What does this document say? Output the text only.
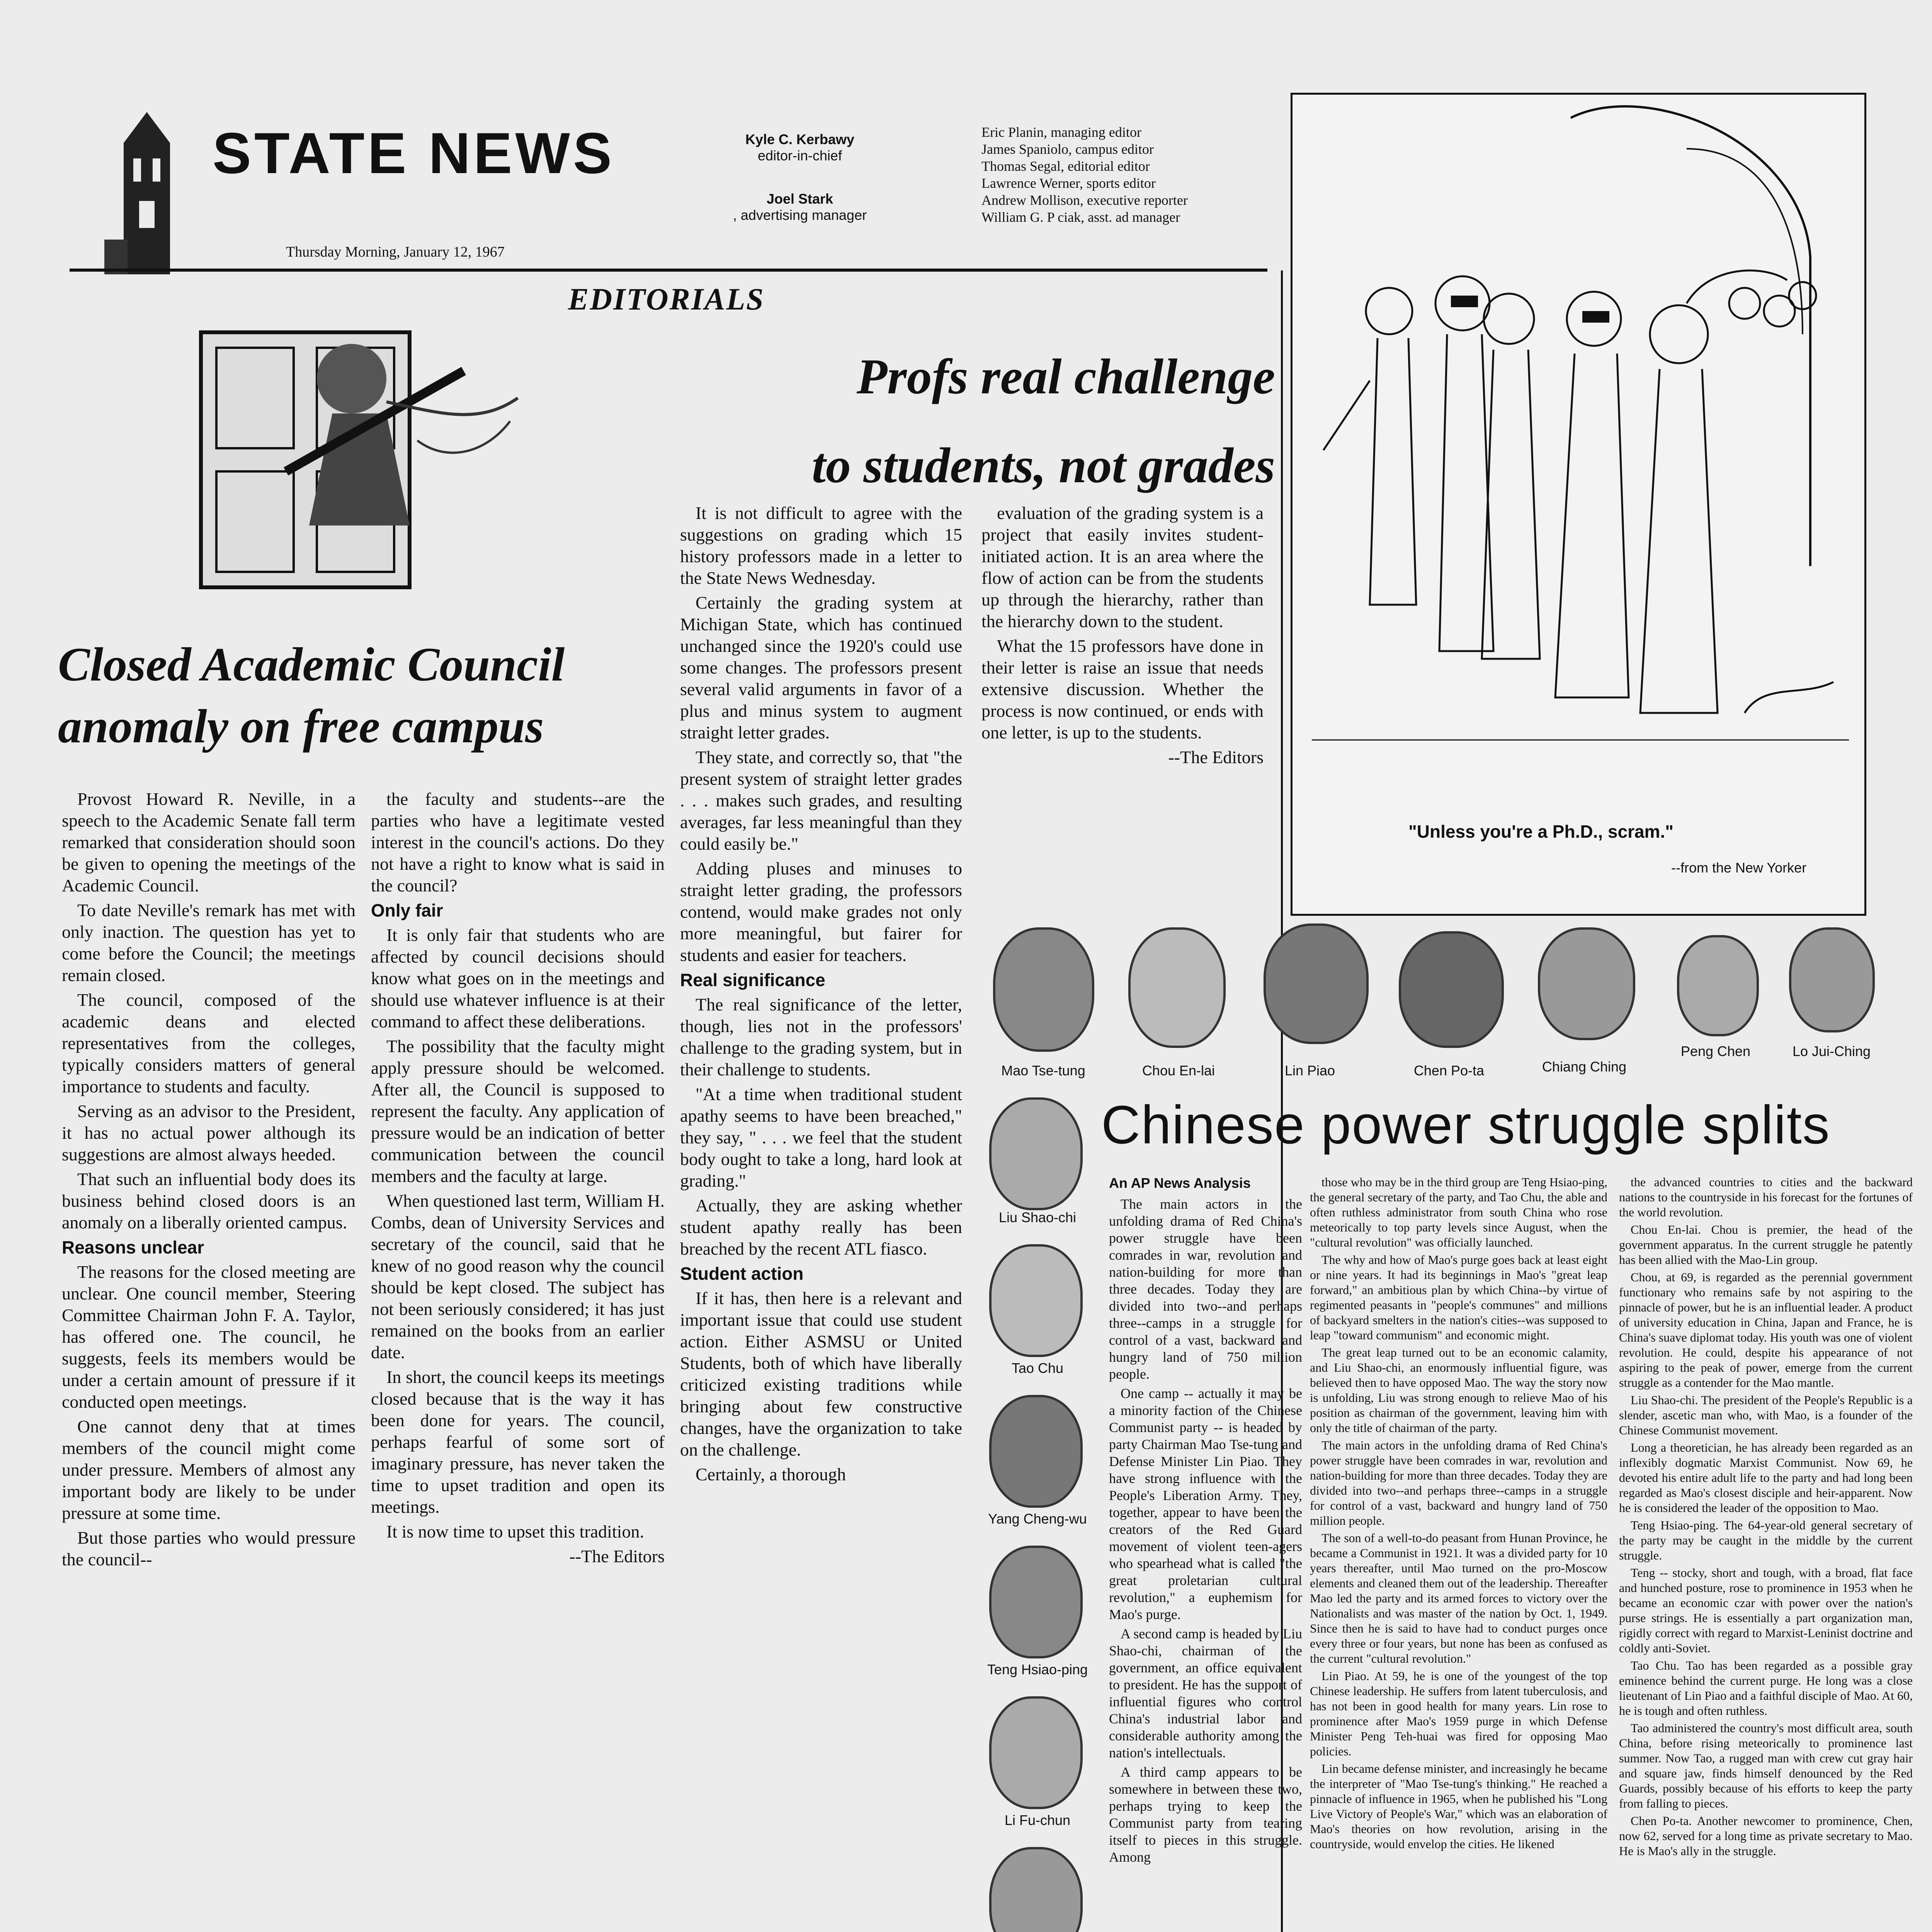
STATE NEWS
Thursday Morning, January 12, 1967
Kyle C. Kerbawy
editor-in-chief
Joel Stark
, advertising manager
Eric Planin, managing editor
James Spaniolo, campus editor
Thomas Segal, editorial editor
Lawrence Werner, sports editor
Andrew Mollison, executive reporter
William G. P ciak, asst. ad manager
EDITORIALS
Closed Academic Council
anomaly on free campus

Provost Howard R. Neville, in a speech to the Academic Senate fall term remarked that consideration should soon be given to opening the meetings of the Academic Council.

To date Neville's remark has met with only inaction. The question has yet to come before the Council; the meetings remain closed.

The council, composed of the academic deans and elected representatives from the colleges, typically considers matters of general importance to students and faculty.

Serving as an advisor to the President, it has no actual power although its suggestions are almost always heeded.

That such an influential body does its business behind closed doors is an anomaly on a liberally oriented campus.

Reasons unclear

The reasons for the closed meeting are unclear. One council member, Steering Committee Chairman John F. A. Taylor, has offered one. The council, he suggests, feels its members would be under a certain amount of pressure if it conducted open meetings.

One cannot deny that at times members of the council might come under pressure. Members of almost any important body are likely to be under pressure at some time.

But those parties who would pressure the council--

the faculty and students--are the parties who have a legitimate vested interest in the council's actions. Do they not have a right to know what is said in the council?

Only fair

It is only fair that students who are affected by council decisions should know what goes on in the meetings and should use whatever influence is at their command to affect these deliberations.

The possibility that the faculty might apply pressure should be welcomed. After all, the Council is supposed to represent the faculty. Any application of pressure would be an indication of better communication between the council members and the faculty at large.

When questioned last term, William H. Combs, dean of University Services and secretary of the council, said that he knew of no good reason why the council should be kept closed. The subject has not been seriously considered; it has just remained on the books from an earlier date.

In short, the council keeps its meetings closed because that is the way it has been done for years. The council, perhaps fearful of some sort of imaginary pressure, has never taken the time to upset tradition and open its meetings.

It is now time to upset this tradition.

--The Editors
Profs real challenge
to students, not grades

It is not difficult to agree with the suggestions on grading which 15 history professors made in a letter to the State News Wednesday.

Certainly the grading system at Michigan State, which has continued unchanged since the 1920's could use some changes. The professors present several valid arguments in favor of a plus and minus system to augment straight letter grades.

They state, and correctly so, that "the present system of straight letter grades . . . makes such grades, and resulting averages, far less meaningful than they could easily be."

Adding pluses and minuses to straight letter grading, the professors contend, would make grades not only more meaningful, but fairer for students and easier for teachers.

Real significance

The real significance of the letter, though, lies not in the professors' challenge to the grading system, but in their challenge to students.

"At a time when traditional student apathy seems to have been breached," they say, " . . . we feel that the student body ought to take a long, hard look at grading."

Actually, they are asking whether student apathy really has been breached by the recent ATL fiasco.

Student action

If it has, then here is a relevant and important issue that could use student action. Either ASMSU or United Students, both of which have liberally criticized existing traditions while bringing about few constructive changes, have the organization to take on the challenge.

Certainly, a thorough

evaluation of the grading system is a project that easily invites student-initiated action. It is an area where the flow of action can be from the students up through the hierarchy, rather than the hierarchy down to the student.

What the 15 professors have done in their letter is raise an issue that needs extensive discussion. Whether the process is now continued, or ends with one letter, is up to the students.

--The Editors
"Unless you're a Ph.D., scram."
--from the New Yorker
Mao Tse-tung	Chou En-lai	Lin Piao	Chen Po-ta	Chiang Ching
Peng Chen	Lo Jui-Ching
Chinese power struggle splits
Liu Shao-chi
Tao Chu
Yang Cheng-wu
Teng Hsiao-ping
Li Fu-chun
An AP News Analysis

The main actors in the unfolding drama of Red China's power struggle have been comrades in war, revolution and nation-building for more than three decades. Today they are divided into two--and perhaps three--camps in a struggle for control of a vast, backward and hungry land of 750 million people.

One camp -- actually it may be a minority faction of the Chinese Communist party -- is headed by party Chairman Mao Tse-tung and Defense Minister Lin Piao. They have strong influence with the People's Liberation Army. They, together, appear to have been the creators of the Red Guard movement of violent teen-agers who spearhead what is called "the great proletarian cultural revolution," a euphemism for Mao's purge.

A second camp is headed by Liu Shao-chi, chairman of the government, an office equivalent to president. He has the support of influential figures who control China's industrial labor and considerable authority among the nation's intellectuals.

A third camp appears to be somewhere in between these two, perhaps trying to keep the Communist party from tearing itself to pieces in this struggle. Among

those who may be in the third group are Teng Hsiao-ping, the general secretary of the party, and Tao Chu, the able and often ruthless administrator from south China who rose meteorically to top party levels since August, when the "cultural revolution" was officially launched.

The why and how of Mao's purge goes back at least eight or nine years. It had its beginnings in Mao's "great leap forward," an ambitious plan by which China--by virtue of regimented peasants in "people's communes" and millions of backyard smelters in the nation's cities--was supposed to leap "toward communism" and economic might.

The great leap turned out to be an economic calamity, and Liu Shao-chi, an enormously influential figure, was believed then to have opposed Mao. The way the story now is unfolding, Liu was strong enough to relieve Mao of his position as chairman of the government, leaving him with only the title of chairman of the party.

The main actors in the unfolding drama of Red China's power struggle have been comrades in war, revolution and nation-building for more than three decades. Today they are divided into two--and perhaps three--camps in a struggle for control of a vast, backward and hungry land of 750 million people.

The son of a well-to-do peasant from Hunan Province, he became a Communist in 1921. It was a divided party for 10 years thereafter, until Mao turned on the pro-Moscow elements and cleaned them out of the leadership. Thereafter Mao led the party and its armed forces to victory over the Nationalists and was master of the nation by Oct. 1, 1949. Since then he is said to have had to conduct purges once every three or four years, but none has been as confused as the current "cultural revolution."

Lin Piao. At 59, he is one of the youngest of the top Chinese leadership. He suffers from latent tuberculosis, and has not been in good health for many years. Lin rose to prominence after Mao's 1959 purge in which Defense Minister Peng Teh-huai was fired for opposing Mao policies.

Lin became defense minister, and increasingly he became the interpreter of "Mao Tse-tung's thinking." He reached a pinnacle of influence in 1965, when he published his "Long Live Victory of People's War," which was an elaboration of Mao's theories on how revolution, arising in the countryside, would envelop the cities. He likened

the advanced countries to cities and the backward nations to the countryside in his forecast for the fortunes of the world revolution.

Chou En-lai. Chou is premier, the head of the government apparatus. In the current struggle he patently has been allied with the Mao-Lin group.

Chou, at 69, is regarded as the perennial government functionary who remains safe by not aspiring to the pinnacle of power, but he is an influential leader. A product of university education in China, Japan and France, he is China's suave diplomat today. His youth was one of violent revolution. He could, despite his appearance of not aspiring to the peak of power, emerge from the current struggle as a contender for the Mao mantle.

Liu Shao-chi. The president of the People's Republic is a slender, ascetic man who, with Mao, is a founder of the Chinese Communist movement.

Long a theoretician, he has already been regarded as an inflexibly dogmatic Marxist Communist. Now 69, he devoted his entire adult life to the party and had long been regarded as Mao's closest disciple and heir-apparent. Now he is considered the leader of the opposition to Mao.

Teng Hsiao-ping. The 64-year-old general secretary of the party may be caught in the middle by the current struggle.

Teng -- stocky, short and tough, with a broad, flat face and hunched posture, rose to prominence in 1953 when he became an economic czar with power over the nation's purse strings. He is essentially a part organization man, rigidly correct with regard to Marxist-Leninist doctrine and coldly anti-Soviet.

Tao Chu. Tao has been regarded as a possible gray eminence behind the current purge. He long was a close lieutenant of Lin Piao and a faithful disciple of Mao. At 60, he is tough and often ruthless.

Tao administered the country's most difficult area, south China, before rising meteorically to prominence last summer. Now Tao, a rugged man with crew cut gray hair and square jaw, finds himself denounced by the Red Guards, possibly because of his efforts to keep the party from falling to pieces.

Chen Po-ta. Another newcomer to prominence, Chen, now 62, served for a long time as private secretary to Mao. He is Mao's ally in the struggle.
